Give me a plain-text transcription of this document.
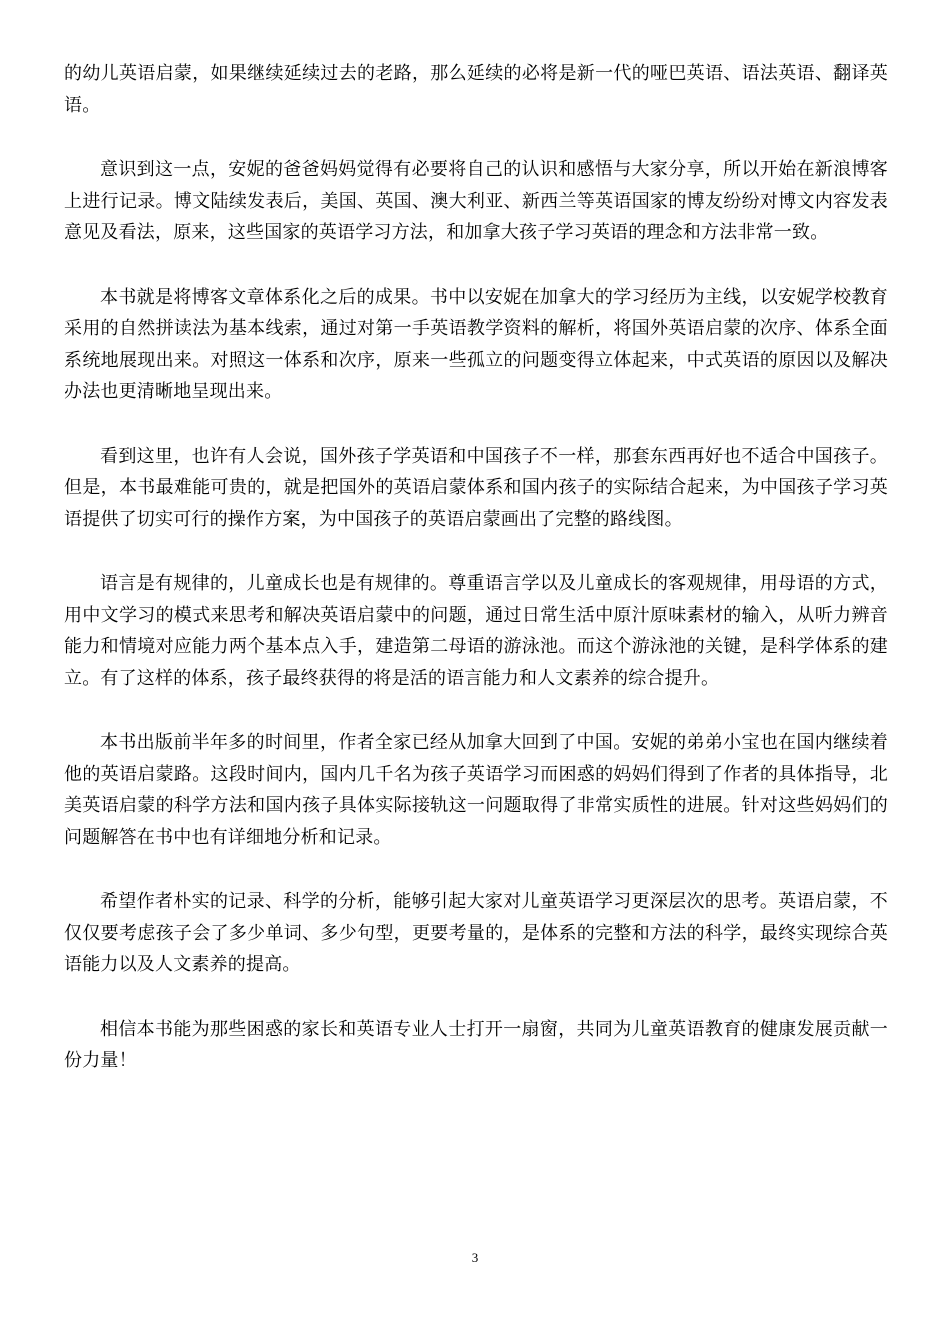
的幼儿英语启蒙，如果继续延续过去的老路，那么延续的必将是新一代的哑巴英语、语法英语、翻译英语。

意识到这一点，安妮的爸爸妈妈觉得有必要将自己的认识和感悟与大家分享，所以开始在新浪博客上进行记录。博文陆续发表后，美国、英国、澳大利亚、新西兰等英语国家的博友纷纷对博文内容发表意见及看法，原来，这些国家的英语学习方法，和加拿大孩子学习英语的理念和方法非常一致。

本书就是将博客文章体系化之后的成果。书中以安妮在加拿大的学习经历为主线，以安妮学校教育采用的自然拼读法为基本线索，通过对第一手英语教学资料的解析，将国外英语启蒙的次序、体系全面系统地展现出来。对照这一体系和次序，原来一些孤立的问题变得立体起来，中式英语的原因以及解决办法也更清晰地呈现出来。

看到这里，也许有人会说，国外孩子学英语和中国孩子不一样，那套东西再好也不适合中国孩子。但是，本书最难能可贵的，就是把国外的英语启蒙体系和国内孩子的实际结合起来，为中国孩子学习英语提供了切实可行的操作方案，为中国孩子的英语启蒙画出了完整的路线图。

语言是有规律的，儿童成长也是有规律的。尊重语言学以及儿童成长的客观规律，用母语的方式，用中文学习的模式来思考和解决英语启蒙中的问题，通过日常生活中原汁原味素材的输入，从听力辨音能力和情境对应能力两个基本点入手，建造第二母语的游泳池。而这个游泳池的关键，是科学体系的建立。有了这样的体系，孩子最终获得的将是活的语言能力和人文素养的综合提升。

本书出版前半年多的时间里，作者全家已经从加拿大回到了中国。安妮的弟弟小宝也在国内继续着他的英语启蒙路。这段时间内，国内几千名为孩子英语学习而困惑的妈妈们得到了作者的具体指导，北美英语启蒙的科学方法和国内孩子具体实际接轨这一问题取得了非常实质性的进展。针对这些妈妈们的问题解答在书中也有详细地分析和记录。

希望作者朴实的记录、科学的分析，能够引起大家对儿童英语学习更深层次的思考。英语启蒙，不仅仅要考虑孩子会了多少单词、多少句型，更要考量的，是体系的完整和方法的科学，最终实现综合英语能力以及人文素养的提高。

相信本书能为那些困惑的家长和英语专业人士打开一扇窗，共同为儿童英语教育的健康发展贡献一份力量！

3
